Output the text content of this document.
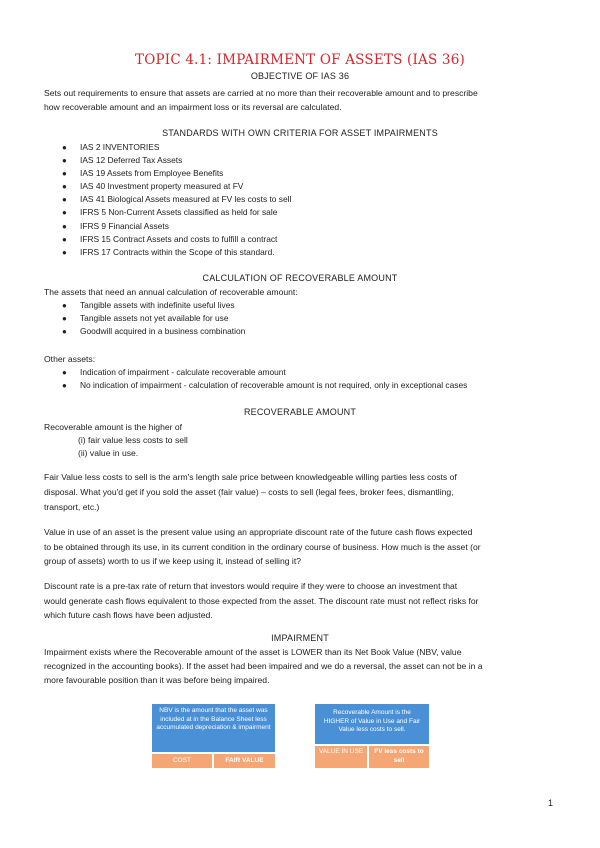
TOPIC 4.1: IMPAIRMENT OF ASSETS (IAS 36)
OBJECTIVE OF IAS 36
Sets out requirements to ensure that assets are carried at no more than their recoverable amount and to prescribe
how recoverable amount and an impairment loss or its reversal are calculated.
STANDARDS WITH OWN CRITERIA FOR ASSET IMPAIRMENTS
● IAS 2 INVENTORIES
● IAS 12 Deferred Tax Assets
● IAS 19 Assets from Employee Benefits
● IAS 40 Investment property measured at FV
● IAS 41 Biological Assets measured at FV les costs to sell
● IFRS 5 Non-Current Assets classified as held for sale
● IFRS 9 Financial Assets
● IFRS 15 Contract Assets and costs to fulfill a contract
● IFRS 17 Contracts within the Scope of this standard.
CALCULATION OF RECOVERABLE AMOUNT
The assets that need an annual calculation of recoverable amount:
● Tangible assets with indefinite useful lives
● Tangible assets not yet available for use
● Goodwill acquired in a business combination
Other assets:
● Indication of impairment - calculate recoverable amount
● No indication of impairment - calculation of recoverable amount is not required, only in exceptional cases
RECOVERABLE AMOUNT
Recoverable amount is the higher of
(i) fair value less costs to sell
(ii) value in use.
Fair Value less costs to sell is the arm's length sale price between knowledgeable willing parties less costs of
disposal. What you'd get if you sold the asset (fair value) – costs to sell (legal fees, broker fees, dismantling,
transport, etc.)
Value in use of an asset is the present value using an appropriate discount rate of the future cash flows expected
to be obtained through its use, in its current condition in the ordinary course of business. How much is the asset (or
group of assets) worth to us if we keep using it, instead of selling it?
Discount rate is a pre-tax rate of return that investors would require if they were to choose an investment that
would generate cash flows equivalent to those expected from the asset. The discount rate must not reflect risks for
which future cash flows have been adjusted.
IMPAIRMENT
Impairment exists where the Recoverable amount of the asset is LOWER than its Net Book Value (NBV, value
recognized in the accounting books). If the asset had been impaired and we do a reversal, the asset can not be in a
more favourable position than it was before being impaired.
NBV is the amount that the asset was included at in the Balance Sheet less accumulated depreciation & impairment
COST	FAIR VALUE
Recoverable Amount is the HIGHER of Value in Use and Fair Value less costs to sell.
VALUE IN USE	FV less costs to sell
1
